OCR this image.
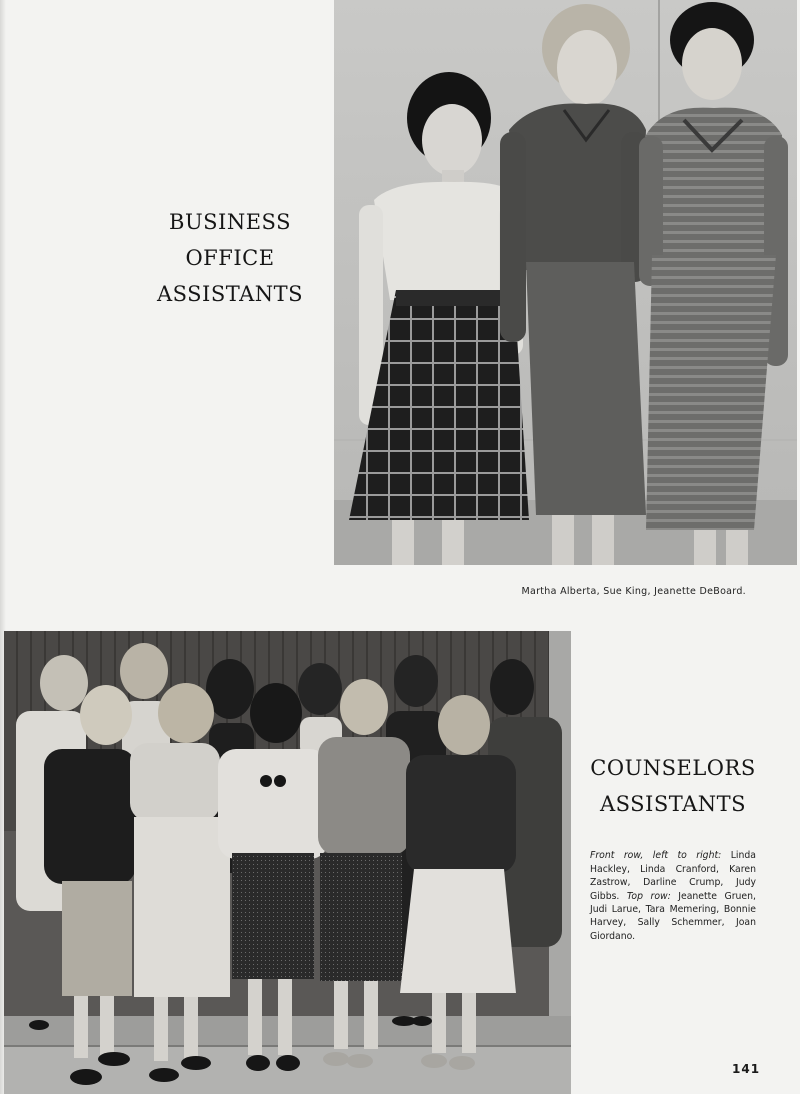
BUSINESS
OFFICE
ASSISTANTS

Martha Alberta, Sue King, Jeanette DeBoard.

COUNSELORS
ASSISTANTS

Front row, left to right: Linda Hackley, Linda Cranford, Karen Zastrow, Darline Crump, Judy Gibbs. Top row: Jeanette Gruen, Judi Larue, Tara Memering, Bonnie Harvey, Sally Schemmer, Joan Giordano.

141
